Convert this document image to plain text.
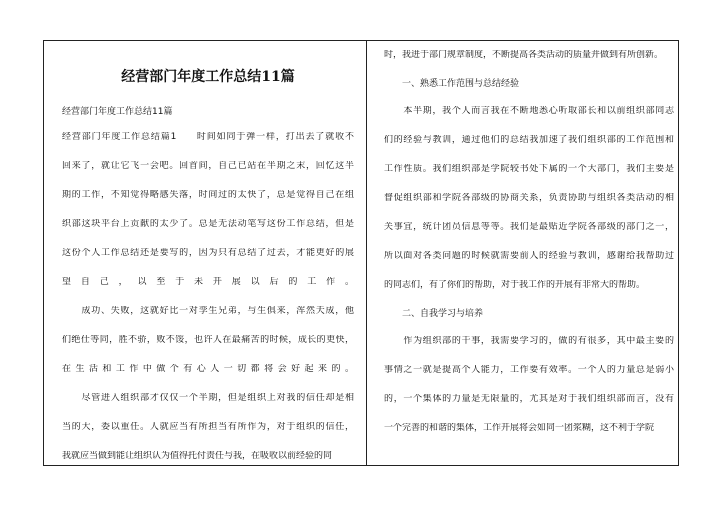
经营部门年度工作总结11篇
经营部门年度工作总结11篇
经营部门年度工作总结篇1　　时间如同于弹一样，打出去了就收不
回来了，就让它飞一会吧。回首间，自己已站在半期之末，回忆这半
期的工作，不知觉得略感失落，时间过的太快了，总是觉得自己在组
织部这块平台上贡献的太少了。总是无法动笔写这份工作总结，但是
这份个人工作总结还是要写的，因为只有总结了过去，才能更好的展
望自己，以至于未开展以后的工作。
　　成功、失败，这就好比一对孪生兄弟，与生俱来，浑然天成，他
们绝仕等同，胜不骄，败不馁，也许人在最痛苦的时候，成长的更快，
在生活和工作中做个有心人一切都将会好起来的。
　　尽管进入组织部才仅仅一个半期，但是组织上对我的信任却是相
当的大，委以重任。人就应当有所担当有所作为，对于组织的信任，
我就应当做到能让组织认为值得托付责任与我，在吸收以前经验的同
时，我进于部门规章制度，不断提高各类活动的质量并做到有所创新。
一、熟悉工作范围与总结经验
　　本半期，我个人而言我在不断地悉心听取部长和以前组织部同志
们的经验与教训，通过他们的总结我加速了我们组织部的工作范围和
工作性质。我们组织部是学院较书处下属的一个大部门，我们主要是
督促组织部和学院各部级的协商关系，负责协助与组织各类活动的相
关事宜，统计团员信息等等。我们是最贴近学院各部级的部门之一，
所以面对各类问题的时候就需要前人的经验与教训，感谢给我帮助过
的同志们，有了你们的帮助，对于我工作的开展有非常大的帮助。
二、自我学习与培养
　　作为组织部的干事，我需要学习的，做的有很多，其中最主要的
事情之一就是提高个人能力，工作要有效率。一个人的力量总是弱小
的，一个集体的力量是无限量的，尤其是对于我们组织部而言，没有
一个完善的和谐的集体，工作开展将会如同一团浆糊，这不利于学院
